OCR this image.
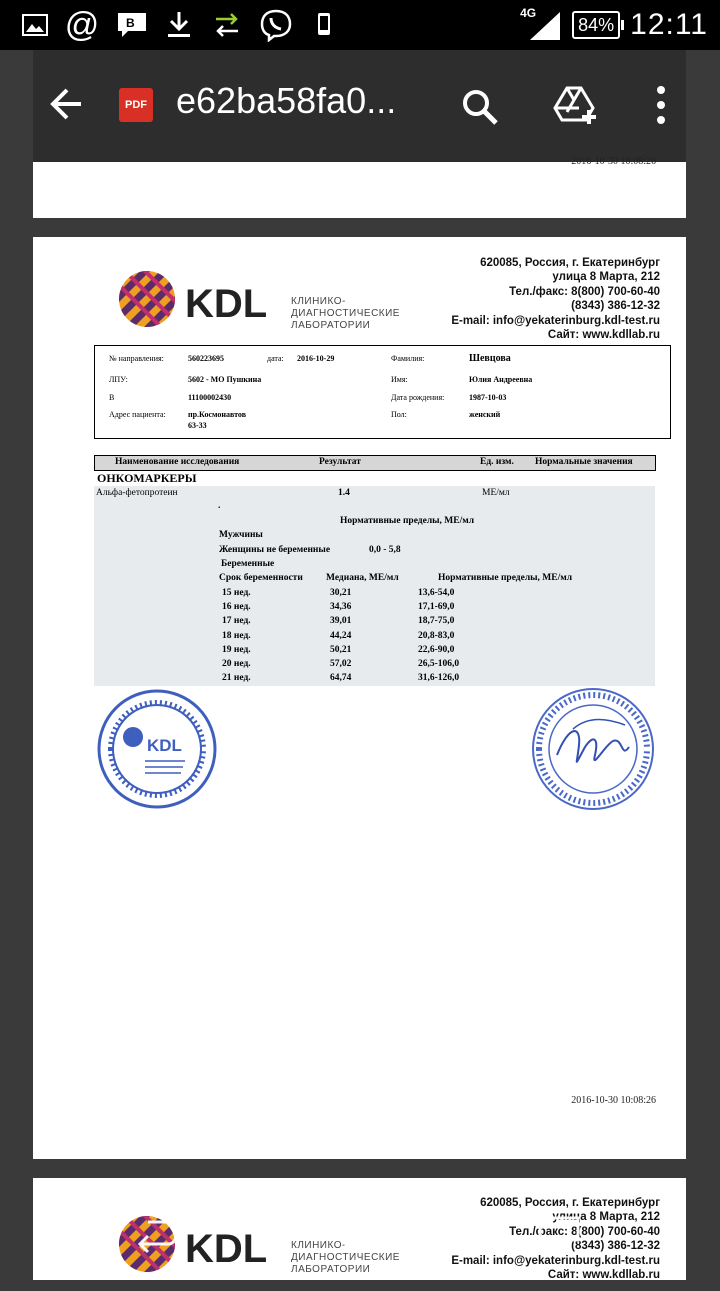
@ B
4G
84% 12:11
PDF e62ba58fa0...
2016-10-30 10:08:26
KDL КЛИНИКО-
ДИАГНОСТИЧЕСКИЕ
ЛАБОРАТОРИИ
620085, Россия, г. Екатеринбург
улица 8 Марта, 212
Тел./факс: 8(800) 700-60-40
(8343) 386-12-32
E-mail: info@yekaterinburg.kdl-test.ru
Сайт: www.kdllab.ru
№ направления:	560223695	дата: 2016-10-29	Фамилия:	Шевцова
ЛПУ:	5602 - МО Пушкина	Имя:	Юлия Андреевна
В	11100002430	Дата рождения:	1987-10-03
Адрес пациента:	пр.Космонавтов
63-33
Пол:	женский
Наименование исследования	Результат	Ед. изм. Нормальные значения
ОНКОМАРКЕРЫ
Альфа-фетопротеин	1.4	МЕ/мл
.
Нормативные пределы, МЕ/мл
Мужчины
Женщины не беременные	0,0 - 5,8
Беременные
Срок беременности Медиана, МЕ/мл	Нормативные пределы, МЕ/мл
15 нед.	30,21	13,6-54,0
16 нед.	34,36	17,1-69,0
17 нед.	39,01	18,7-75,0
18 нед.	44,24	20,8-83,0
19 нед.	50,21	22,6-90,0
20 нед.	57,02	26,5-106,0
21 нед.	64,74	31,6-126,0
KDL
2016-10-30 10:08:26
KDL КЛИНИКО-
ДИАГНОСТИЧЕСКИЕ
ЛАБОРАТОРИИ
620085, Россия, г. Екатеринбург
улица 8 Марта, 212
Тел./факс: 8(800) 700-60-40
(8343) 386-12-32
E-mail: info@yekaterinburg.kdl-test.ru
Сайт: www.kdllab.ru
